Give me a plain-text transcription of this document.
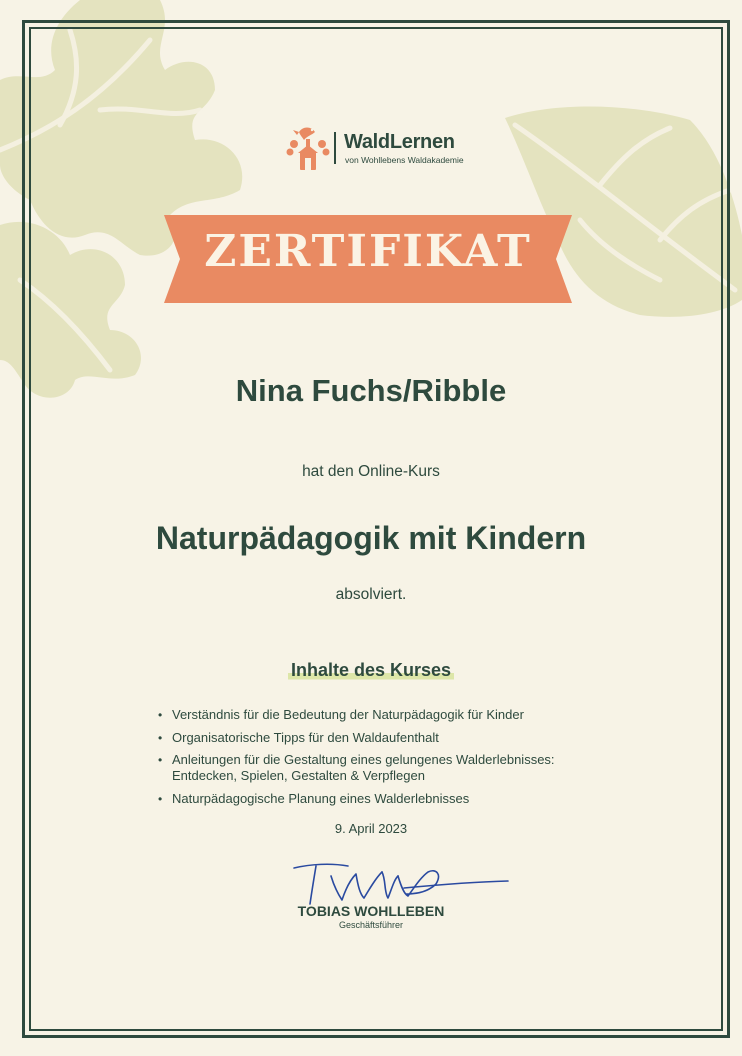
WaldLernen
von Wohllebens Waldakademie
ZERTIFIKAT
Nina Fuchs/Ribble
hat den Online-Kurs
Naturpädagogik mit Kindern
absolviert.
Inhalte des Kurses
• Verständnis für die Bedeutung der Naturpädagogik für Kinder
• Organisatorische Tipps für den Waldaufenthalt
• Anleitungen für die Gestaltung eines gelungenes Walderlebnisses: Entdecken, Spielen, Gestalten & Verpflegen
• Naturpädagogische Planung eines Walderlebnisses
9. April 2023
TOBIAS WOHLLEBEN
Geschäftsführer
